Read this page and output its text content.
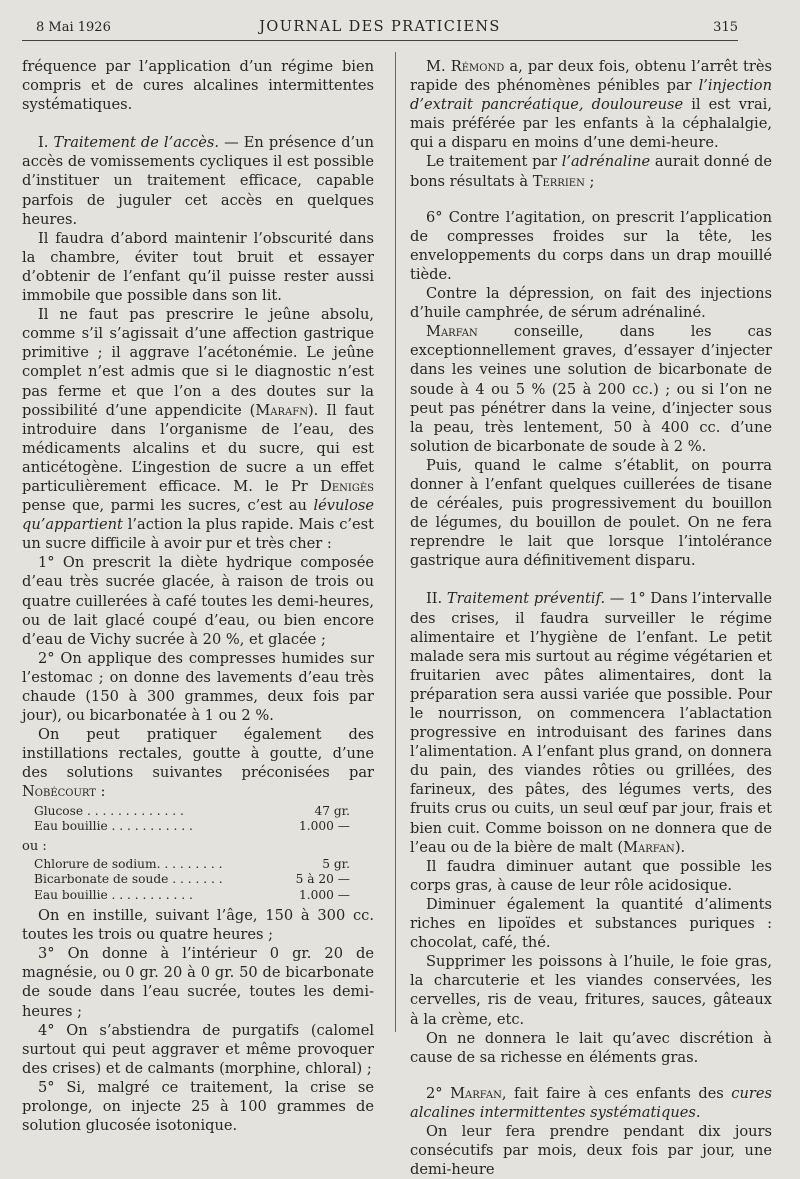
8 Mai 1926	JOURNAL DES PRATICIENS	315

fréquence par l’application d’un régime bien compris et de cures alcalines intermittentes systématiques.

I. Traitement de l’accès. — En présence d’un accès de vomissements cycliques il est possible d’instituer un traitement efficace, capable parfois de juguler cet accès en quelques heures.

Il faudra d’abord maintenir l’obscurité dans la chambre, éviter tout bruit et essayer d’obtenir de l’enfant qu’il puisse rester aussi immobile que possible dans son lit.

Il ne faut pas prescrire le jeûne absolu, comme s’il s’agissait d’une affection gastrique primitive ; il aggrave l’acétonémie. Le jeûne complet n’est admis que si le diagnostic n’est pas ferme et que l’on a des doutes sur la possibilité d’une appendicite (Marafn). Il faut introduire dans l’organisme de l’eau, des médicaments alcalins et du sucre, qui est anticétogène. L’ingestion de sucre a un effet particulièrement efficace. M. le Pr Denigès pense que, parmi les sucres, c’est au lévulose qu’appartient l’action la plus rapide. Mais c’est un sucre difficile à avoir pur et très cher :

1° On prescrit la diète hydrique composée d’eau très sucrée glacée, à raison de trois ou quatre cuillerées à café toutes les demi-heures, ou de lait glacé coupé d’eau, ou bien encore d’eau de Vichy sucrée à 20 %, et glacée ;

2° On applique des compresses humides sur l’estomac ; on donne des lavements d’eau très chaude (150 à 300 grammes, deux fois par jour), ou bicarbonatée à 1 ou 2 %.

On peut pratiquer également des instillations rectales, goutte à goutte, d’une des solutions suivantes préconisées par Nobécourt :

Glucose . . . . . . . . . . . . .	47 gr.
Eau bouillie . . . . . . . . . . .	1.000 —
ou :
Chlorure de sodium. . . . . . . . .	5 gr.
Bicarbonate de soude . . . . . . .	5 à 20 —
Eau bouillie . . . . . . . . . . .	1.000 —

On en instille, suivant l’âge, 150 à 300 cc. toutes les trois ou quatre heures ;

3° On donne à l’intérieur 0 gr. 20 de magnésie, ou 0 gr. 20 à 0 gr. 50 de bicarbonate de soude dans l’eau sucrée, toutes les demi-heures ;

4° On s’abstiendra de purgatifs (calomel surtout qui peut aggraver et même provoquer des crises) et de calmants (morphine, chloral) ;

5° Si, malgré ce traitement, la crise se prolonge, on injecte 25 à 100 grammes de solution glucosée isotonique.

M. Rémond a, par deux fois, obtenu l’arrêt très rapide des phénomènes pénibles par l’injection d’extrait pancréatique, douloureuse il est vrai, mais préférée par les enfants à la céphalalgie, qui a disparu en moins d’une demi-heure.

Le traitement par l’adrénaline aurait donné de bons résultats à Terrien ;

6° Contre l’agitation, on prescrit l’application de compresses froides sur la tête, les enveloppements du corps dans un drap mouillé tiède.

Contre la dépression, on fait des injections d’huile camphrée, de sérum adrénaliné.

Marfan conseille, dans les cas exceptionnellement graves, d’essayer d’injecter dans les veines une solution de bicarbonate de soude à 4 ou 5 % (25 à 200 cc.) ; ou si l’on ne peut pas pénétrer dans la veine, d’injecter sous la peau, très lentement, 50 à 400 cc. d’une solution de bicarbonate de soude à 2 %.

Puis, quand le calme s’établit, on pourra donner à l’enfant quelques cuillerées de tisane de céréales, puis progressivement du bouillon de légumes, du bouillon de poulet. On ne fera reprendre le lait que lorsque l’intolérance gastrique aura définitivement disparu.

II. Traitement préventif. — 1° Dans l’intervalle des crises, il faudra surveiller le régime alimentaire et l’hygiène de l’enfant. Le petit malade sera mis surtout au régime végétarien et fruitarien avec pâtes alimentaires, dont la préparation sera aussi variée que possible. Pour le nourrisson, on commencera l’ablactation progressive en introduisant des farines dans l’alimentation. A l’enfant plus grand, on donnera du pain, des viandes rôties ou grillées, des farineux, des pâtes, des légumes verts, des fruits crus ou cuits, un seul œuf par jour, frais et bien cuit. Comme boisson on ne donnera que de l’eau ou de la bière de malt (Marfan).

Il faudra diminuer autant que possible les corps gras, à cause de leur rôle acidosique.

Diminuer également la quantité d’aliments riches en lipoïdes et substances puriques : chocolat, café, thé.

Supprimer les poissons à l’huile, le foie gras, la charcuterie et les viandes conservées, les cervelles, ris de veau, fritures, sauces, gâteaux à la crème, etc.

On ne donnera le lait qu’avec discrétion à cause de sa richesse en éléments gras.

2° Marfan, fait faire à ces enfants des cures alcalines intermittentes systématiques.

On leur fera prendre pendant dix jours consécutifs par mois, deux fois par jour, une demi-heure
